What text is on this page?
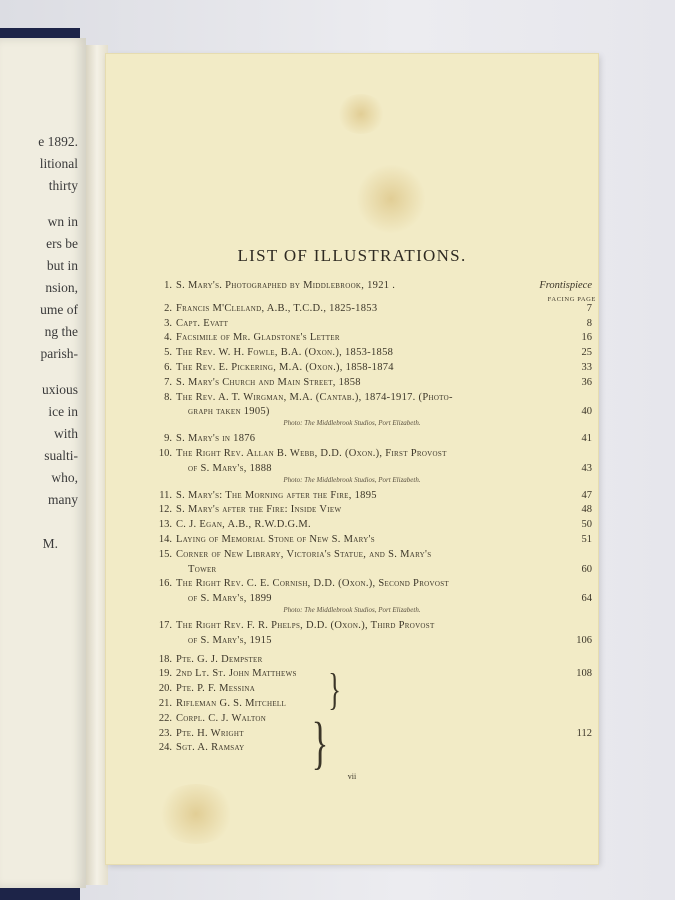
e 1892.
litional
thirty
wn in
ers be
but in
nsion,
ume of
ng the
parish-
uxious
ice in
with
sualti-
who,
many
M.
LIST OF ILLUSTRATIONS.
FACING PAGE
1. S. Mary's. Photographed by Middlebrook, 1921 .	Frontispiece
2. Francis M'Cleland, A.B., T.C.D., 1825-1853	7
3. Capt. Evatt	8
4. Facsimile of Mr. Gladstone's Letter	16
5. The Rev. W. H. Fowle, B.A. (Oxon.), 1853-1858	25
6. The Rev. E. Pickering, M.A. (Oxon.), 1858-1874	33
7. S. Mary's Church and Main Street, 1858	36
8. The Rev. A. T. Wirgman, M.A. (Cantab.), 1874-1917. (Photo-
graph taken 1905)	40
Photo: The Middlebrook Studios, Port Elizabeth.
9. S. Mary's in 1876	41
10. The Right Rev. Allan B. Webb, D.D. (Oxon.), First Provost
of S. Mary's, 1888	43
Photo: The Middlebrook Studios, Port Elizabeth.
11. S. Mary's: The Morning after the Fire, 1895	47
12. S. Mary's after the Fire: Inside View	48
13. C. J. Egan, A.B., R.W.D.G.M.	50
14. Laying of Memorial Stone of New S. Mary's	51
15. Corner of New Library, Victoria's Statue, and S. Mary's
Tower	60
16. The Right Rev. C. E. Cornish, D.D. (Oxon.), Second Provost
of S. Mary's, 1899	64
Photo: The Middlebrook Studios, Port Elizabeth.
17. The Right Rev. F. R. Phelps, D.D. (Oxon.), Third Provost
of S. Mary's, 1915	106
18. Pte. G. J. Dempster
19. 2nd Lt. St. John Matthews	108
20. Pte. P. F. Messina
21. Rifleman G. S. Mitchell
22. Corpl. C. J. Walton
23. Pte. H. Wright	112
24. Sgt. A. Ramsay
}
}
vii
